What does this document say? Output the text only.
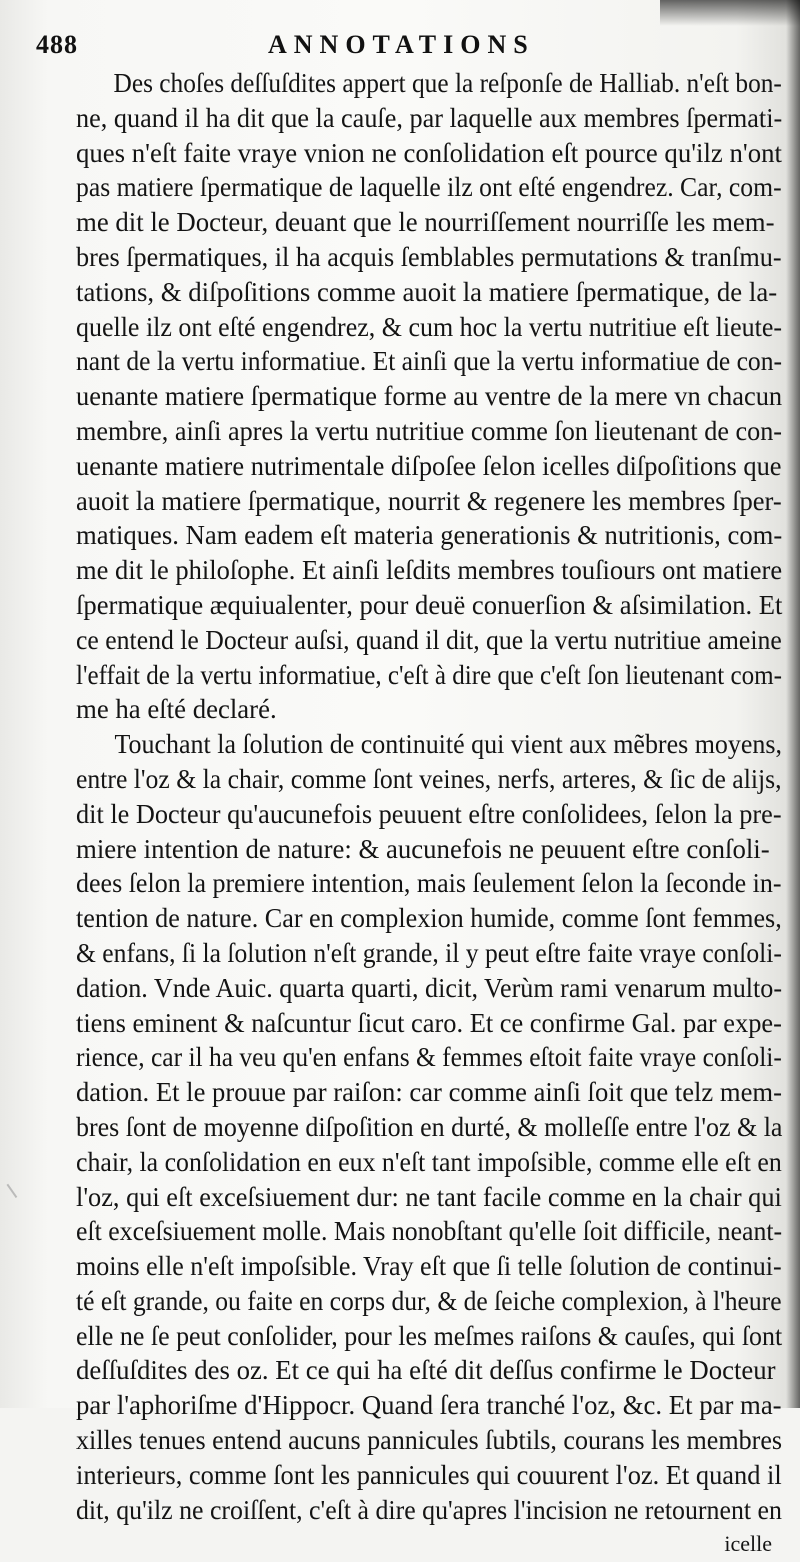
488	ANNOTATIONS
Des choſes deſſuſdites appert que la reſponſe de Halliab. n'eſt bon-
ne, quand il ha dit que la cauſe, par laquelle aux membres ſpermati-
ques n'eſt faite vraye vnion ne conſolidation eſt pource qu'ilz n'ont
pas matiere ſpermatique de laquelle ilz ont eſté engendrez. Car, com-
me dit le Docteur, deuant que le nourriſſement nourriſſe les mem-
bres ſpermatiques, il ha acquis ſemblables permutations & tranſmu-
tations, & diſpoſitions comme auoit la matiere ſpermatique, de la-
quelle ilz ont eſté engendrez, & cum hoc la vertu nutritiue eſt lieute-
nant de la vertu informatiue. Et ainſi que la vertu informatiue de con-
uenante matiere ſpermatique forme au ventre de la mere vn chacun
membre, ainſi apres la vertu nutritiue comme ſon lieutenant de con-
uenante matiere nutrimentale diſpoſee ſelon icelles diſpoſitions que
auoit la matiere ſpermatique, nourrit & regenere les membres ſper-
matiques. Nam eadem eſt materia generationis & nutritionis, com-
me dit le philoſophe. Et ainſi leſdits membres touſiours ont matiere
ſpermatique æquiualenter, pour deuë conuerſion & aſsimilation. Et
ce entend le Docteur auſsi, quand il dit, que la vertu nutritiue ameine
l'effait de la vertu informatiue, c'eſt à dire que c'eſt ſon lieutenant com-
me ha eſté declaré.
Touchant la ſolution de continuité qui vient aux mẽbres moyens,
entre l'oz & la chair, comme ſont veines, nerfs, arteres, & ſic de alijs,
dit le Docteur qu'aucunefois peuuent eſtre conſolidees, ſelon la pre-
miere intention de nature: & aucunefois ne peuuent eſtre conſoli-
dees ſelon la premiere intention, mais ſeulement ſelon la ſeconde in-
tention de nature. Car en complexion humide, comme ſont femmes,
& enfans, ſi la ſolution n'eſt grande, il y peut eſtre faite vraye conſoli-
dation. Vnde Auic. quarta quarti, dicit, Verùm rami venarum multo-
tiens eminent & naſcuntur ſicut caro. Et ce confirme Gal. par expe-
rience, car il ha veu qu'en enfans & femmes eſtoit faite vraye conſoli-
dation. Et le prouue par raiſon: car comme ainſi ſoit que telz mem-
bres ſont de moyenne diſpoſition en durté, & molleſſe entre l'oz & la
chair, la conſolidation en eux n'eſt tant impoſsible, comme elle eſt en
l'oz, qui eſt exceſsiuement dur: ne tant facile comme en la chair qui
eſt exceſsiuement molle. Mais nonobſtant qu'elle ſoit difficile, neant-
moins elle n'eſt impoſsible. Vray eſt que ſi telle ſolution de continui-
té eſt grande, ou faite en corps dur, & de ſeiche complexion, à l'heure
elle ne ſe peut conſolider, pour les meſmes raiſons & cauſes, qui ſont
deſſuſdites des oz. Et ce qui ha eſté dit deſſus confirme le Docteur
par l'aphoriſme d'Hippocr. Quand ſera tranché l'oz, &c. Et par ma-
xilles tenues entend aucuns pannicules ſubtils, courans les membres
interieurs, comme ſont les pannicules qui couurent l'oz. Et quand il
dit, qu'ilz ne croiſſent, c'eſt à dire qu'apres l'incision ne retournent en
icelle
